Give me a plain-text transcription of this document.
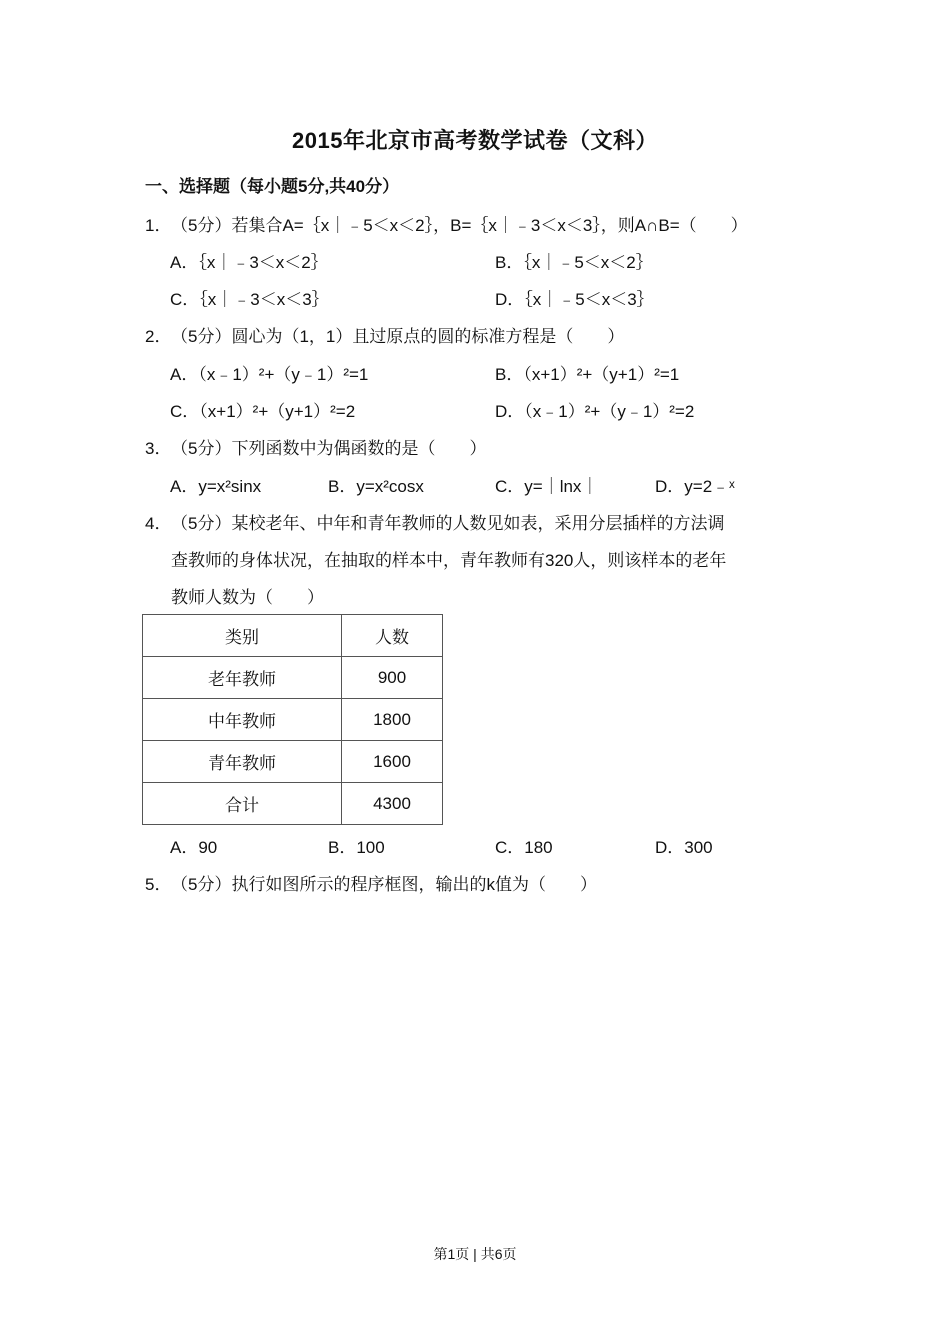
2015年北京市高考数学试卷（文科）
一、选择题（每小题5分,共40分）
1．（5分）若集合A=｛x｜﹣5＜x＜2｝，B=｛x｜﹣3＜x＜3｝，则A∩B=（　　）
A．｛x｜﹣3＜x＜2｝	B．｛x｜﹣5＜x＜2｝
C．｛x｜﹣3＜x＜3｝	D．｛x｜﹣5＜x＜3｝
2．（5分）圆心为（1，1）且过原点的圆的标准方程是（　　）
A．（x﹣1）²+（y﹣1）²=1	B．（x+1）²+（y+1）²=1
C．（x+1）²+（y+1）²=2	D．（x﹣1）²+（y﹣1）²=2
3．（5分）下列函数中为偶函数的是（　　）
A．y=x²sinx	B．y=x²cosx	C．y=｜lnx｜	D．y=2﹣ˣ
4．（5分）某校老年、中年和青年教师的人数见如表，采用分层插样的方法调
查教师的身体状况，在抽取的样本中，青年教师有320人，则该样本的老年
教师人数为（　　）
类别	人数
老年教师	900
中年教师	1800
青年教师	1600
合计	4300
A．90	B．100	C．180	D．300
5．（5分）执行如图所示的程序框图，输出的k值为（　　）
第1页 | 共6页
